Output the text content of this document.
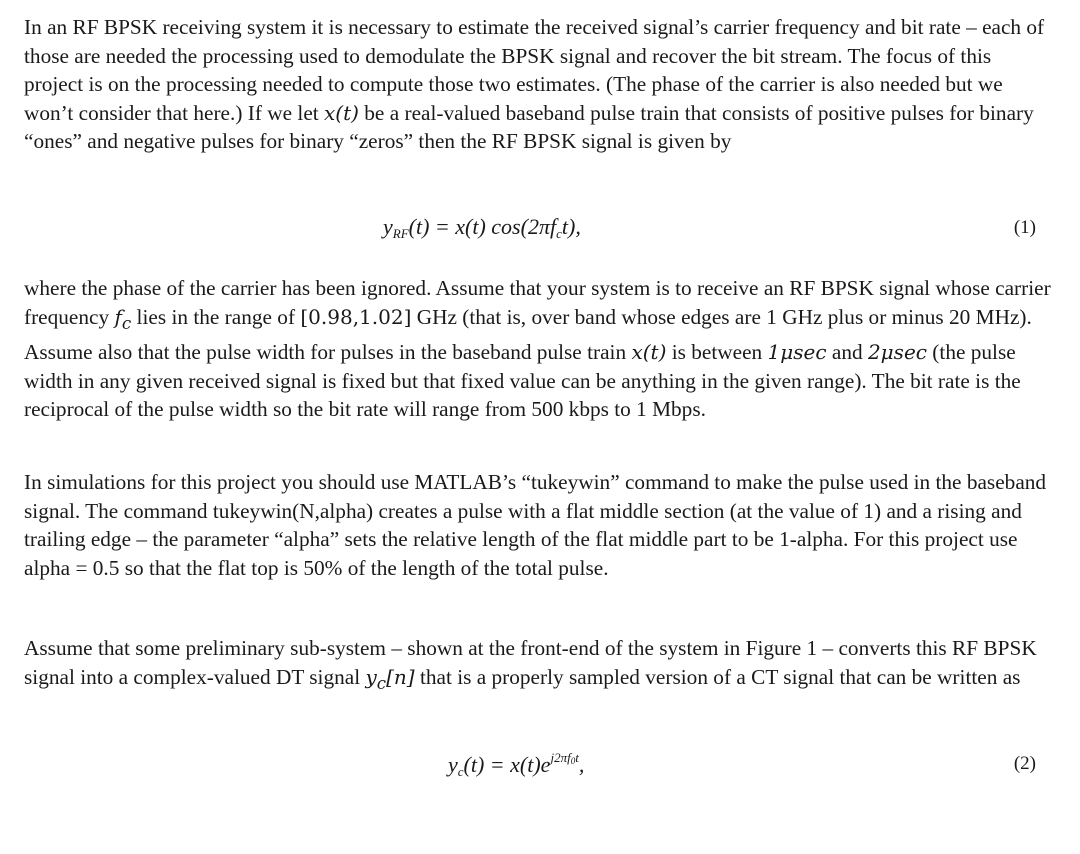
In an RF BPSK receiving system it is necessary to estimate the received signal’s carrier frequency and bit rate – each of those are needed the processing used to demodulate the BPSK signal and recover the bit stream. The focus of this project is on the processing needed to compute those two estimates. (The phase of the carrier is also needed but we won’t consider that here.) If we let x(t) be a real-valued baseband pulse train that consists of positive pulses for binary “ones” and negative pulses for binary “zeros” then the RF BPSK signal is given by

$y_{RF}(t) = x(t)$ $\cos(2\pi f_ct)$,	(1)

where the phase of the carrier has been ignored. Assume that your system is to receive an RF BPSK signal whose carrier frequency $f_c$ lies in the range of [0.98,1.02] GHz (that is, over band whose edges are 1 GHz plus or minus 20 MHz). Assume also that the pulse width for pulses in the baseband pulse train x(t) is between 1μsec and 2μsec (the pulse width in any given received signal is fixed but that fixed value can be anything in the given range). The bit rate is the reciprocal of the pulse width so the bit rate will range from 500 kbps to 1 Mbps.

In simulations for this project you should use MATLAB’s “tukeywin” command to make the pulse used in the baseband signal. The command tukeywin(N,alpha) creates a pulse with a flat middle section (at the value of 1) and a rising and trailing edge – the parameter “alpha” sets the relative length of the flat middle part to be 1-alpha. For this project use alpha = 0.5 so that the flat top is 50% of the length of the total pulse.

Assume that some preliminary sub-system – shown at the front-end of the system in Figure 1 – converts this RF BPSK signal into a complex-valued DT signal $y_c[n]$ that is a properly sampled version of a CT signal that can be written as

$y_c(t) = x(t)e^{j2\pi f_0t}$,	(2)
